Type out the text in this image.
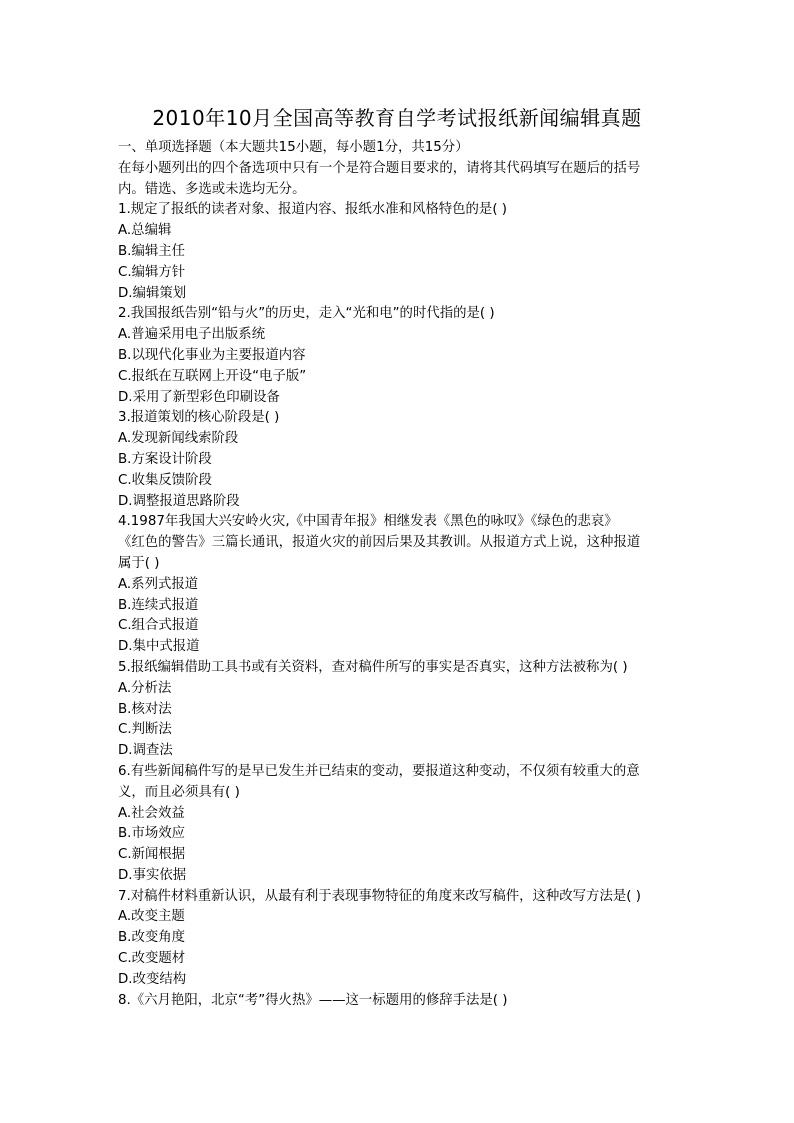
2010年10月全国高等教育自学考试报纸新闻编辑真题

一、单项选择题（本大题共15小题，每小题1分，共15分）

在每小题列出的四个备选项中只有一个是符合题目要求的，请将其代码填写在题后的括号

内。错选、多选或未选均无分。

1.规定了报纸的读者对象、报道内容、报纸水准和风格特色的是( )

A.总编辑

B.编辑主任

C.编辑方针

D.编辑策划

2.我国报纸告别“铅与火”的历史，走入“光和电”的时代指的是( )

A.普遍采用电子出版系统

B.以现代化事业为主要报道内容

C.报纸在互联网上开设“电子版”

D.采用了新型彩色印刷设备

3.报道策划的核心阶段是( )

A.发现新闻线索阶段

B.方案设计阶段

C.收集反馈阶段

D.调整报道思路阶段

4.1987年我国大兴安岭火灾,《中国青年报》相继发表《黑色的咏叹》《绿色的悲哀》

《红色的警告》三篇长通讯，报道火灾的前因后果及其教训。从报道方式上说，这种报道

属于( )

A.系列式报道

B.连续式报道

C.组合式报道

D.集中式报道

5.报纸编辑借助工具书或有关资料，查对稿件所写的事实是否真实，这种方法被称为( )

A.分析法

B.核对法

C.判断法

D.调查法

6.有些新闻稿件写的是早已发生并已结束的变动，要报道这种变动，不仅须有较重大的意

义，而且必须具有( )

A.社会效益

B.市场效应

C.新闻根据

D.事实依据

7.对稿件材料重新认识，从最有利于表现事物特征的角度来改写稿件，这种改写方法是( )

A.改变主题

B.改变角度

C.改变题材

D.改变结构

8.《六月艳阳，北京“考”得火热》——这一标题用的修辞手法是( )
